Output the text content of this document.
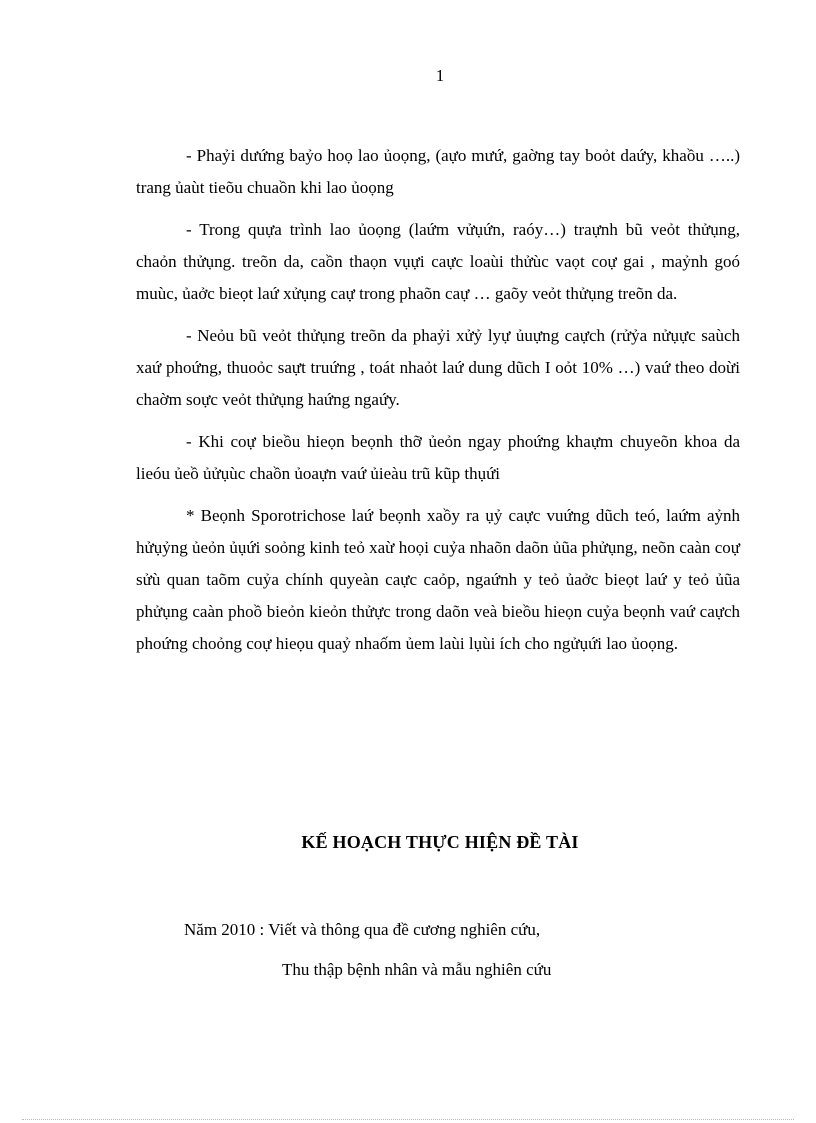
1

- Phaỷi dưứng baỷo hoọ lao ủoọng, (aựo mưứ, gaờng tay boỏt daứy, khaồu …..) trang ủaùt tieõu chuaồn khi lao ủoọng

- Trong quựa trình lao ủoọng (laứm vửụứn, raóy…) traựnh bũ veỏt thửụng, chaỏn thửụng. treõn da, caồn thaọn vụựi caực loaùi thửùc vaọt coự gai , maỷnh goó muùc, ủaởc bieọt laứ xửụng caự trong phaõn caự … gaõy veỏt thửụng treõn da.

- Neỏu bũ veỏt thửụng treõn da phaỷi xửỷ lyự ủuựng caựch (rửỷa nửụực saùch xaứ phoứng, thuoỏc saựt truứng , toát nhaỏt laứ dung dũch I oỏt 10% …) vaứ theo doừi chaờm soực veỏt thửụng haứng ngaứy.

- Khi coự bieồu hieọn beọnh thỡ ủeỏn ngay phoứng khaựm chuyeõn khoa da lieóu ủeồ ủửụùc chaồn ủoaựn vaứ ủieàu trũ kũp thụứi

* Beọnh Sporotrichose laứ beọnh xaồy ra ụỷ caực vuứng dũch teó, laứm aỷnh hửụỷng ủeỏn ủụứi soỏng kinh teỏ xaừ hoọi cuỷa nhaõn daõn ủũa phửụng, neõn caàn coự sửù quan taõm cuỷa chính quyeàn caực caỏp, ngaứnh y teỏ ủaởc bieọt laứ y teỏ ủũa phửụng caàn phoồ bieỏn kieỏn thửực trong daõn veà bieồu hieọn cuỷa beọnh vaứ caựch phoứng choỏng coự hieọu quaỷ nhaốm ủem laùi lụùi ích cho ngửụứi lao ủoọng.

KẾ HOẠCH THỰC HIỆN ĐỀ TÀI
Năm 2010 : Viết và thông qua đề cương nghiên cứu,
Thu thập bệnh nhân và mẫu nghiên cứu
